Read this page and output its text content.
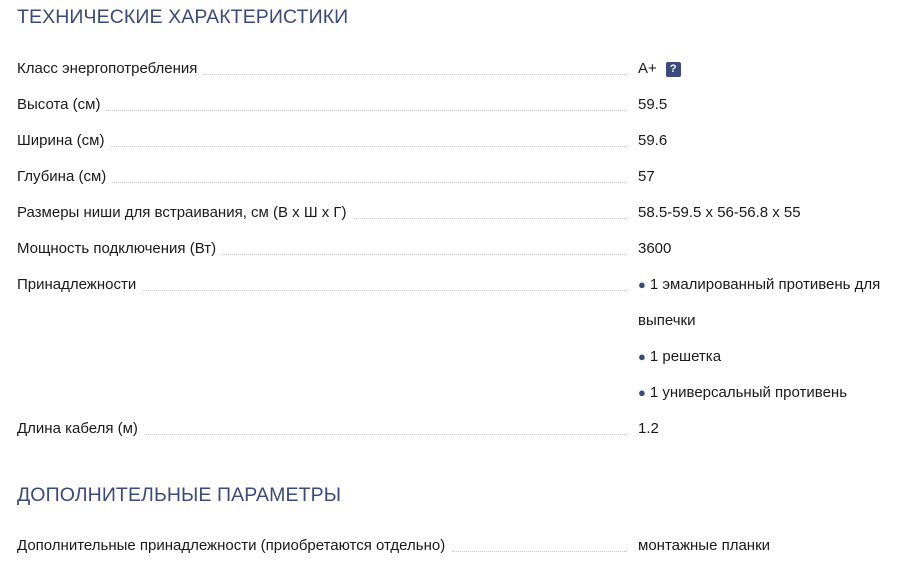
ТЕХНИЧЕСКИЕ ХАРАКТЕРИСТИКИ
Класс энергопотребления	A+ ?
Высота (см)	59.5
Ширина (см)	59.6
Глубина (см)	57
Размеры ниши для встраивания, см (В х Ш х Г)	58.5-59.5 x 56-56.8 x 55
Мощность подключения (Вт)	3600
Принадлежности	● 1 эмалированный противень для
выпечки
● 1 решетка
● 1 универсальный противень
Длина кабеля (м)	1.2
ДОПОЛНИТЕЛЬНЫЕ ПАРАМЕТРЫ
Дополнительные принадлежности (приобретаются отдельно)	монтажные планки
